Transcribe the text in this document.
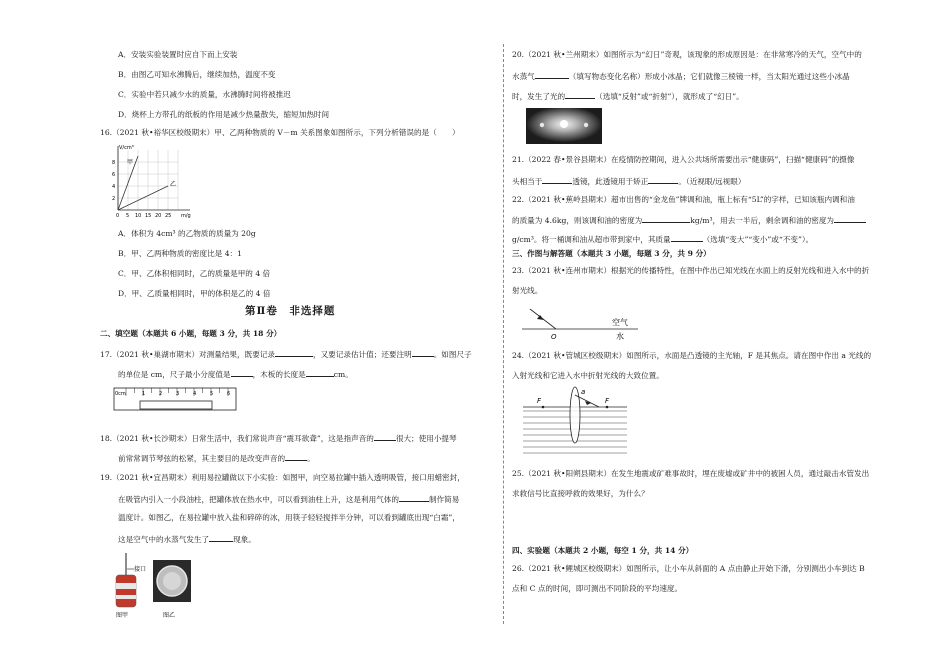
A．安装实验装置时应自下而上安装
B．由图乙可知水沸腾后，继续加热，温度不变
C．实验中若只减少水的质量，水沸腾时间将被推迟
D．烧杯上方带孔的纸板的作用是减少热量散失，缩短加热时间
16.（2021 秋•裕华区校级期末）甲、乙两种物质的 V－m 关系图象如图所示，下列分析错误的是（　　）
V/cm³
m/g
8
6
4
2
0 5 10 15 20 25
甲
乙
A．体积为 4cm³ 的乙物质的质量为 20g
B．甲、乙两种物质的密度比是 4：1
C．甲、乙体积相同时，乙的质量是甲的 4 倍
D．甲、乙质量相同时，甲的体积是乙的 4 倍
第Ⅱ卷　非选择题
二、填空题（本题共 6 小题，每题 3 分，共 18 分）
17.（2021 秋•巢湖市期末）对测量结果，既要记录	，又要记录估计值；还要注明	。如图尺子
的单位是 cm，尺子最小分度值是	，木板的长度是	cm。
0cm	1	2	3	4	5	6
18.（2021 秋•长沙期末）日常生活中，我们常说声音“震耳欲聋”，这是指声音的	很大；使用小提琴
前常常调节琴弦的松紧，其主要目的是改变声音的	。
19.（2021 秋•宜昌期末）利用易拉罐做以下小实验：如图甲，向空易拉罐中插入透明吸管，接口用蜡密封，
在吸管内引入一小段油柱，把罐体放在热水中，可以看到油柱上升，这是利用气体的	制作简易
温度计。如图乙，在易拉罐中放入盐和碎碎的冰，用筷子轻轻搅拌半分钟，可以看到罐底出现“白霜”，
这是空气中的水蒸气发生了	现象。
接口
图甲	图乙
20.（2021 秋•兰州期末）如图所示为“幻日”奇观，该现象的形成原因是：在非常寒冷的天气，空气中的
水蒸气	（填写物态变化名称）形成小冰晶；它们就像三棱镜一样，当太阳光通过这些小冰晶
时，发生了光的	（选填“反射”或“折射”），就形成了“幻日”。
21.（2022 春•景谷县期末）在疫情防控期间，进入公共场所需要出示“健康码”，扫描“健康码”的摄像
头相当于	透镜，此透镜用于矫正	。（近视眼/远视眼）
22.（2021 秋•蕉岭县期末）超市出售的“金龙鱼”牌调和油，瓶上标有“5L”的字样，已知该瓶内调和油
的质量为 4.6kg，则该调和油的密度为	kg/m³，用去一半后，剩余调和油的密度为
g/cm³。将一桶调和油从超市带到家中，其质量	（选填“变大”“变小”或“不变”）。
三、作图与解答题（本题共 3 小题，每题 3 分，共 9 分）
23.（2021 秋•连州市期末）根据光的传播特性，在图中作出已知光线在水面上的反射光线和进入水中的折
射光线。
空气
水
O
24.（2021 秋•管城区校级期末）如图所示，水面是凸透镜的主光轴，F 是其焦点。请在图中作出 a 光线的
入射光线和它进入水中折射光线的大致位置。
F	F
a
25.（2021 秋•阳朔县期末）在发生地震或矿难事故时，埋在废墟或矿井中的被困人员，通过敲击水管发出
求救信号比直接呼救的效果好，为什么？
四、实验题（本题共 2 小题，每空 1 分，共 14 分）
26.（2021 秋•鲤城区校级期末）如图所示，让小车从斜面的 A 点由静止开始下滑，分别测出小车到达 B
点和 C 点的时间，即可测出不同阶段的平均速度。
